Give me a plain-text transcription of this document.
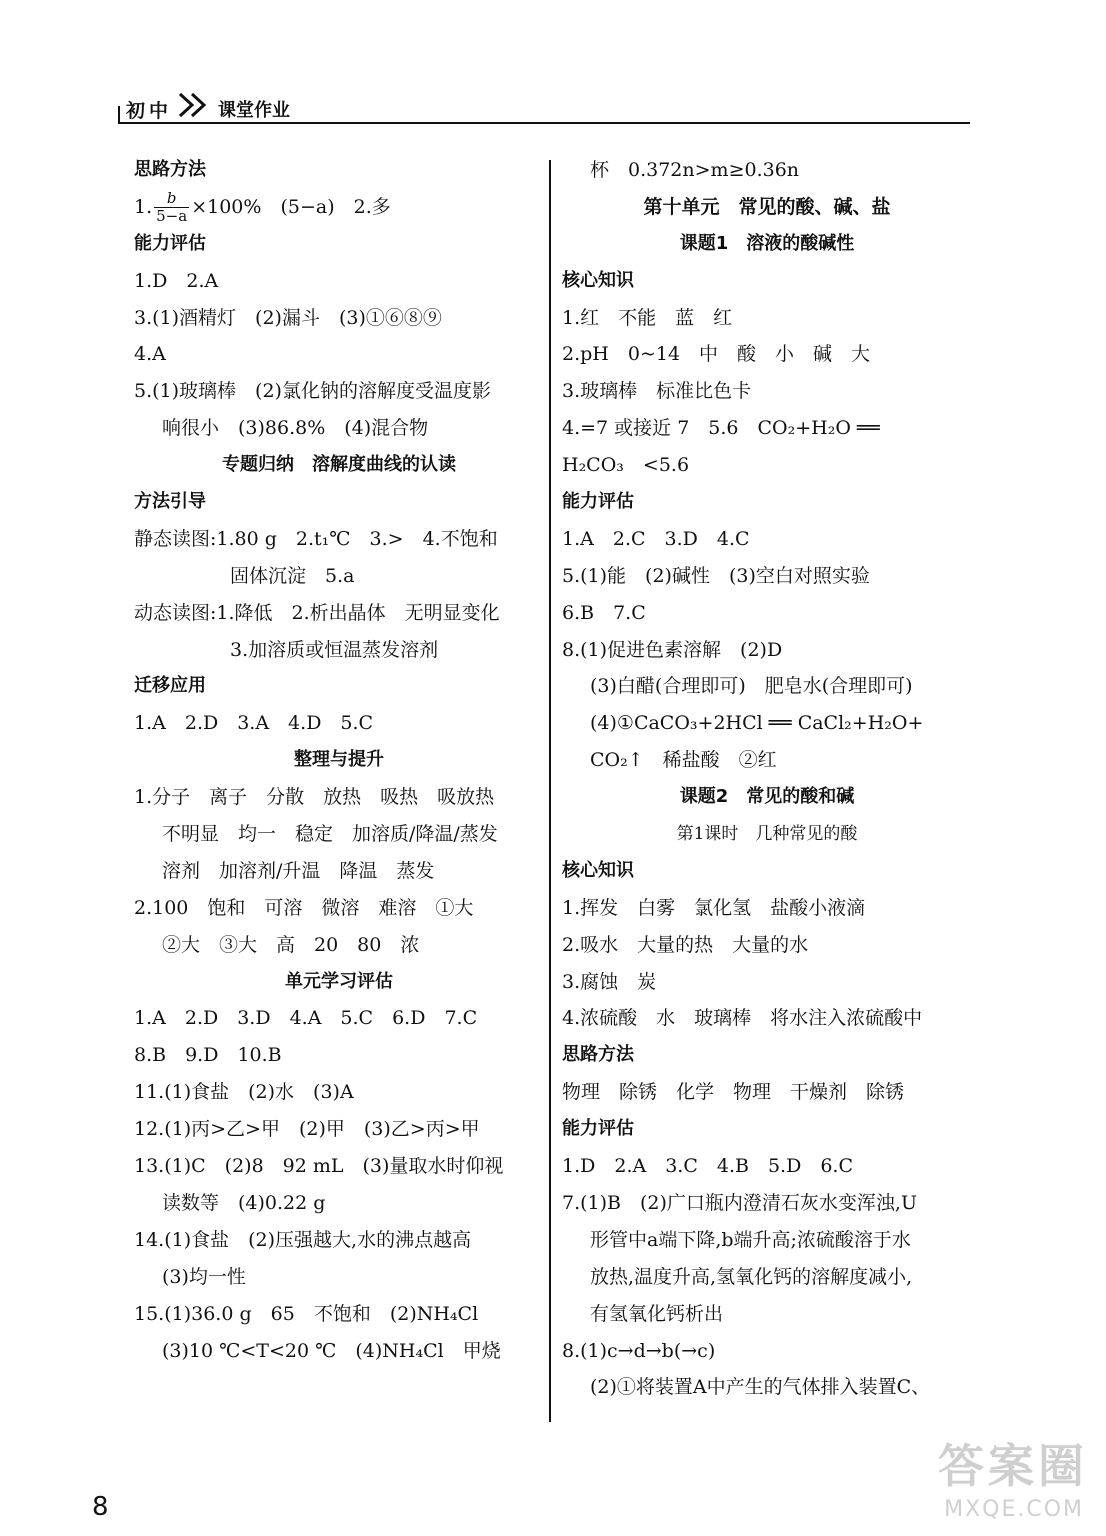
初中	课堂作业
思路方法
1. $\frac{b}{5-a} \times 100\%$　(5−a)　2.多
能力评估
1.D　2.A
3.(1)酒精灯　(2)漏斗　(3)①⑥⑧⑨
4.A
5.(1)玻璃棒　(2)氯化钠的溶解度受温度影
响很小　(3)86.8%　(4)混合物
专题归纳　溶解度曲线的认读
方法引导
静态读图:1.80 g　2.t₁℃　3.>　4.不饱和
固体沉淀　5.a
动态读图:1.降低　2.析出晶体　无明显变化
3.加溶质或恒温蒸发溶剂
迁移应用
1.A　2.D　3.A　4.D　5.C
整理与提升
1.分子　离子　分散　放热　吸热　吸放热
不明显　均一　稳定　加溶质/降温/蒸发
溶剂　加溶剂/升温　降温　蒸发
2.100　饱和　可溶　微溶　难溶　①大
②大　③大　高　20　80　浓
单元学习评估
1.A　2.D　3.D　4.A　5.C　6.D　7.C
8.B　9.D　10.B
11.(1)食盐　(2)水　(3)A
12.(1)丙>乙>甲　(2)甲　(3)乙>丙>甲
13.(1)C　(2)8　92 mL　(3)量取水时仰视
读数等　(4)0.22 g
14.(1)食盐　(2)压强越大,水的沸点越高
(3)均一性
15.(1)36.0 g　65　不饱和　(2)NH₄Cl
(3)10 ℃<T<20 ℃　(4)NH₄Cl　甲烧
杯　0.372n>m≥0.36n
第十单元　常见的酸、碱、盐
课题1　溶液的酸碱性
核心知识
1.红　不能　蓝　红
2.pH　0~14　中　酸　小　碱　大
3.玻璃棒　标准比色卡
4.=7 或接近 7　5.6　CO₂+H₂O ══
H₂CO₃　<5.6
能力评估
1.A　2.C　3.D　4.C
5.(1)能　(2)碱性　(3)空白对照实验
6.B　7.C
8.(1)促进色素溶解　(2)D
(3)白醋(合理即可)　肥皂水(合理即可)
(4)①CaCO₃+2HCl ══ CaCl₂+H₂O+
CO₂↑　稀盐酸　②红
课题2　常见的酸和碱
第1课时　几种常见的酸
核心知识
1.挥发　白雾　氯化氢　盐酸小液滴
2.吸水　大量的热　大量的水
3.腐蚀　炭
4.浓硫酸　水　玻璃棒　将水注入浓硫酸中
思路方法
物理　除锈　化学　物理　干燥剂　除锈
能力评估
1.D　2.A　3.C　4.B　5.D　6.C
7.(1)B　(2)广口瓶内澄清石灰水变浑浊,U
形管中a端下降,b端升高;浓硫酸溶于水
放热,温度升高,氢氧化钙的溶解度减小,
有氢氧化钙析出
8.(1)c→d→b(→c)
(2)①将装置A中产生的气体排入装置C、
8
答案圈
MXQE.COM
